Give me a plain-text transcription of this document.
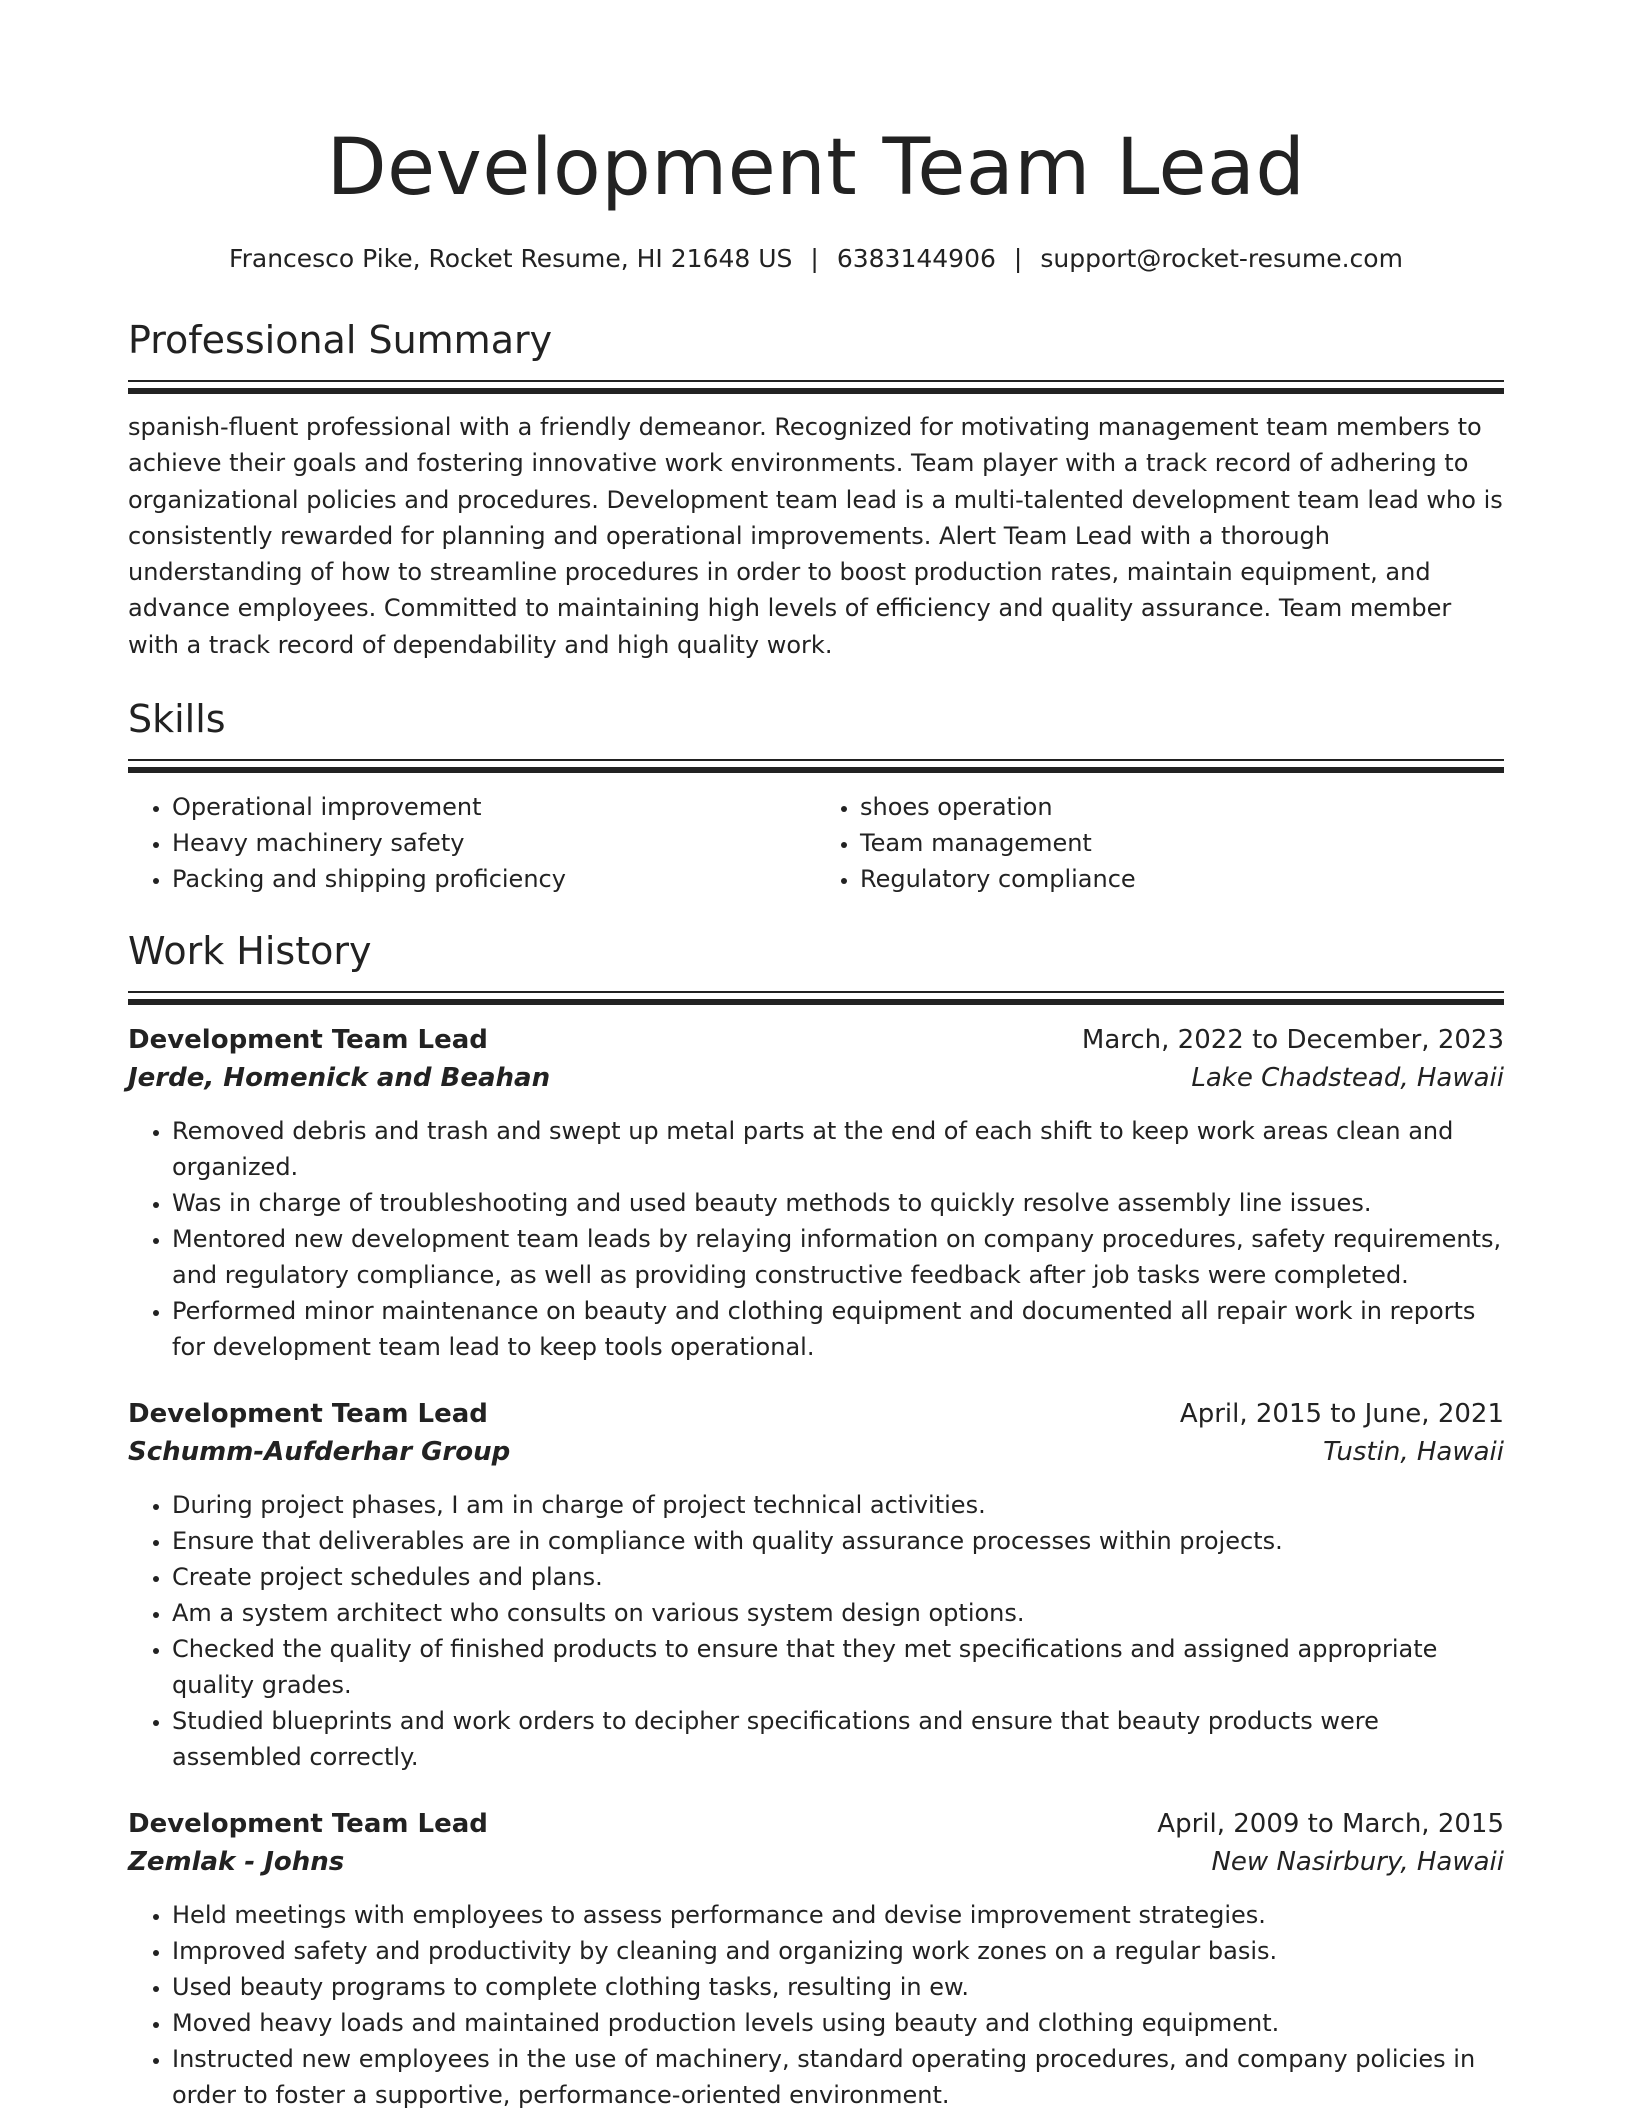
Development Team Lead
Francesco Pike, Rocket Resume, HI 21648 US | 6383144906 | support@rocket-resume.com
Professional Summary
spanish-fluent professional with a friendly demeanor. Recognized for motivating management team members to achieve their goals and fostering innovative work environments. Team player with a track record of adhering to organizational policies and procedures. Development team lead is a multi-talented development team lead who is consistently rewarded for planning and operational improvements. Alert Team Lead with a thorough understanding of how to streamline procedures in order to boost production rates, maintain equipment, and advance employees. Committed to maintaining high levels of efficiency and quality assurance. Team member with a track record of dependability and high quality work.
Skills
• Operational improvement
• Heavy machinery safety
• Packing and shipping proficiency
• shoes operation
• Team management
• Regulatory compliance
Work History
Development Team Lead	March, 2022 to December, 2023
Jerde, Homenick and Beahan	Lake Chadstead, Hawaii
• Removed debris and trash and swept up metal parts at the end of each shift to keep work areas clean and organized.
• Was in charge of troubleshooting and used beauty methods to quickly resolve assembly line issues.
• Mentored new development team leads by relaying information on company procedures, safety requirements, and regulatory compliance, as well as providing constructive feedback after job tasks were completed.
• Performed minor maintenance on beauty and clothing equipment and documented all repair work in reports for development team lead to keep tools operational.
Development Team Lead	April, 2015 to June, 2021
Schumm-Aufderhar Group	Tustin, Hawaii
• During project phases, I am in charge of project technical activities.
• Ensure that deliverables are in compliance with quality assurance processes within projects.
• Create project schedules and plans.
• Am a system architect who consults on various system design options.
• Checked the quality of finished products to ensure that they met specifications and assigned appropriate quality grades.
• Studied blueprints and work orders to decipher specifications and ensure that beauty products were assembled correctly.
Development Team Lead	April, 2009 to March, 2015
Zemlak - Johns	New Nasirbury, Hawaii
• Held meetings with employees to assess performance and devise improvement strategies.
• Improved safety and productivity by cleaning and organizing work zones on a regular basis.
• Used beauty programs to complete clothing tasks, resulting in ew.
• Moved heavy loads and maintained production levels using beauty and clothing equipment.
• Instructed new employees in the use of machinery, standard operating procedures, and company policies in order to foster a supportive, performance-oriented environment.
